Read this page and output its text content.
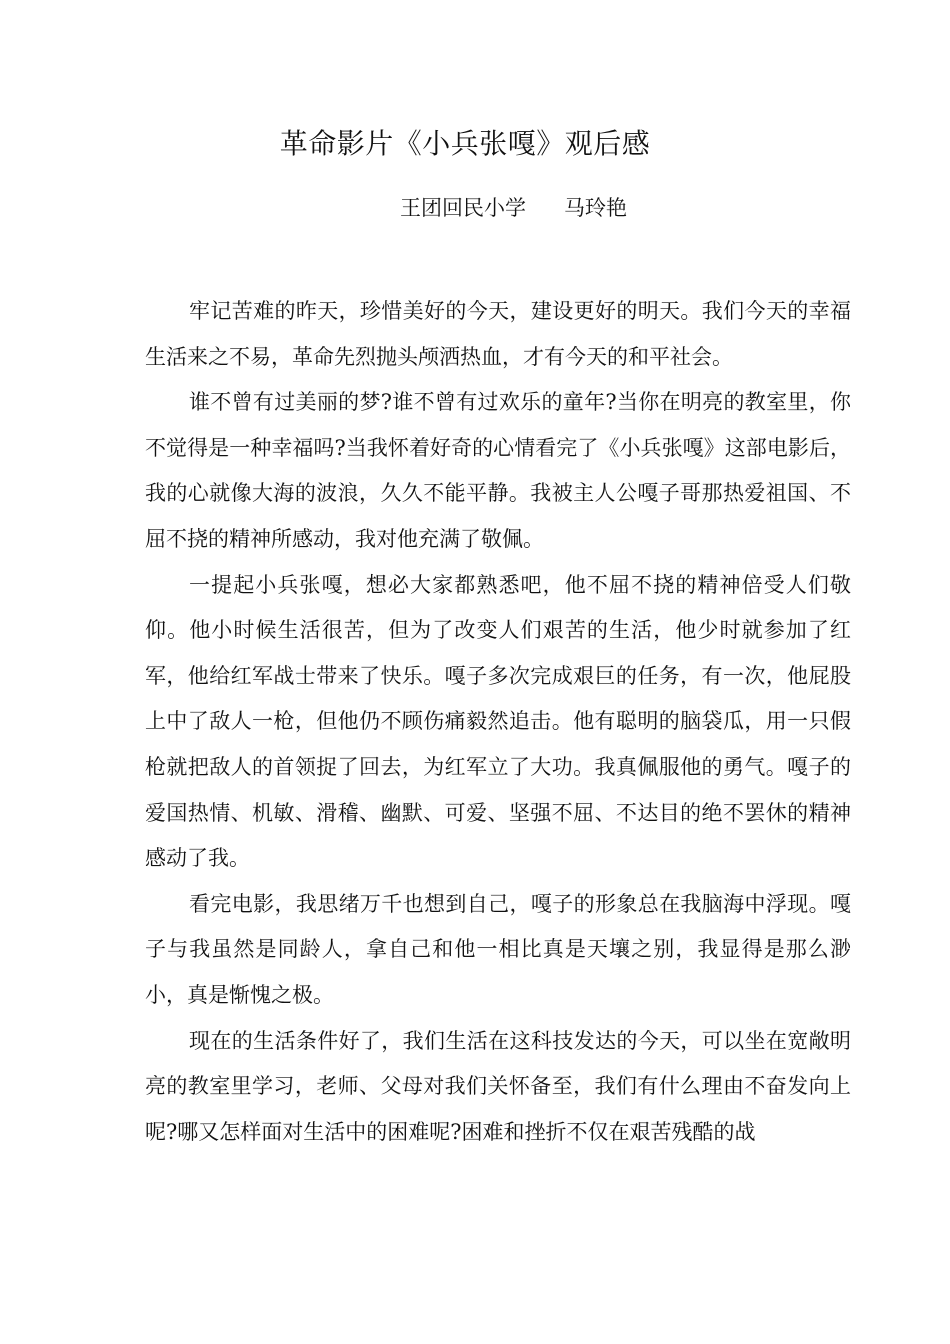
革命影片《小兵张嘎》观后感
王团回民小学 马玲艳

牢记苦难的昨天，珍惜美好的今天，建设更好的明天。我们今天的幸福生活来之不易，革命先烈抛头颅洒热血，才有今天的和平社会。

谁不曾有过美丽的梦?谁不曾有过欢乐的童年?当你在明亮的教室里，你不觉得是一种幸福吗?当我怀着好奇的心情看完了《小兵张嘎》这部电影后，我的心就像大海的波浪，久久不能平静。我被主人公嘎子哥那热爱祖国、不屈不挠的精神所感动，我对他充满了敬佩。

一提起小兵张嘎，想必大家都熟悉吧，他不屈不挠的精神倍受人们敬仰。他小时候生活很苦，但为了改变人们艰苦的生活，他少时就参加了红军，他给红军战士带来了快乐。嘎子多次完成艰巨的任务，有一次，他屁股上中了敌人一枪，但他仍不顾伤痛毅然追击。他有聪明的脑袋瓜，用一只假枪就把敌人的首领捉了回去，为红军立了大功。我真佩服他的勇气。嘎子的爱国热情、机敏、滑稽、幽默、可爱、坚强不屈、不达目的绝不罢休的精神感动了我。

看完电影，我思绪万千也想到自己，嘎子的形象总在我脑海中浮现。嘎子与我虽然是同龄人，拿自己和他一相比真是天壤之别，我显得是那么渺小，真是惭愧之极。

现在的生活条件好了，我们生活在这科技发达的今天，可以坐在宽敞明亮的教室里学习，老师、父母对我们关怀备至，我们有什么理由不奋发向上呢?哪又怎样面对生活中的困难呢?困难和挫折不仅在艰苦残酷的战
